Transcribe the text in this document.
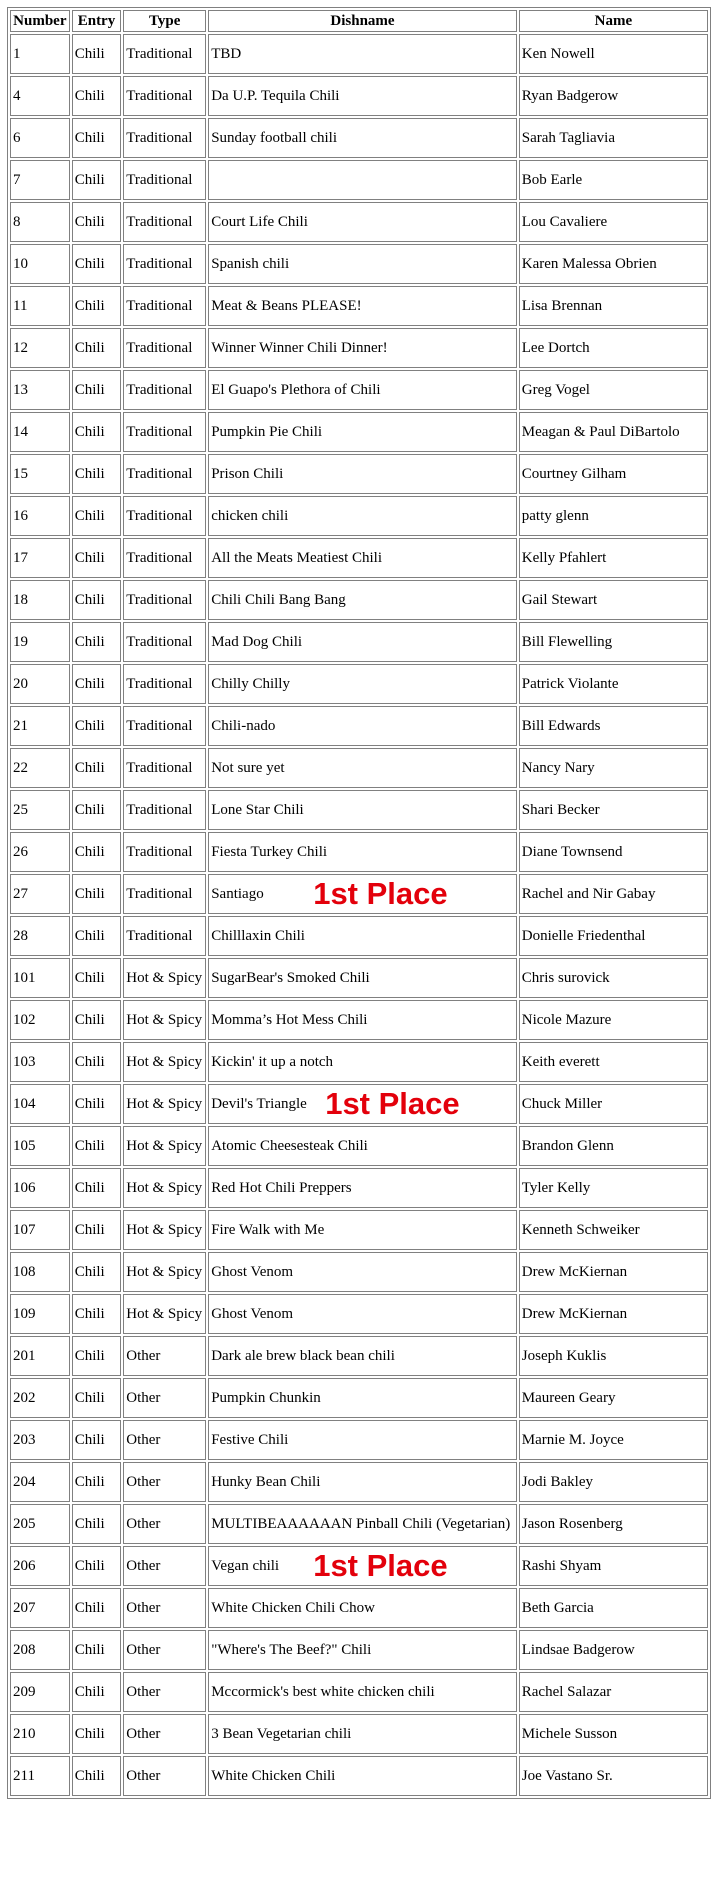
Number	Entry	Type	Dishname	Name
1	Chili	Traditional	TBD	Ken Nowell
4	Chili	Traditional	Da U.P. Tequila Chili	Ryan Badgerow
6	Chili	Traditional	Sunday football chili	Sarah Tagliavia
7	Chili	Traditional		Bob Earle
8	Chili	Traditional	Court Life Chili	Lou Cavaliere
10	Chili	Traditional	Spanish chili	Karen Malessa Obrien
11	Chili	Traditional	Meat & Beans PLEASE!	Lisa Brennan
12	Chili	Traditional	Winner Winner Chili Dinner!	Lee Dortch
13	Chili	Traditional	El Guapo's Plethora of Chili	Greg Vogel
14	Chili	Traditional	Pumpkin Pie Chili	Meagan & Paul DiBartolo
15	Chili	Traditional	Prison Chili	Courtney Gilham
16	Chili	Traditional	chicken chili	patty glenn
17	Chili	Traditional	All the Meats Meatiest Chili	Kelly Pfahlert
18	Chili	Traditional	Chili Chili Bang Bang	Gail Stewart
19	Chili	Traditional	Mad Dog Chili	Bill Flewelling
20	Chili	Traditional	Chilly Chilly	Patrick Violante
21	Chili	Traditional	Chili-nado	Bill Edwards
22	Chili	Traditional	Not sure yet	Nancy Nary
25	Chili	Traditional	Lone Star Chili	Shari Becker
26	Chili	Traditional	Fiesta Turkey Chili	Diane Townsend
27	Chili	Traditional	Santiago 1st Place	Rachel and Nir Gabay
28	Chili	Traditional	Chilllaxin Chili	Donielle Friedenthal
101	Chili	Hot & Spicy	SugarBear's Smoked Chili	Chris surovick
102	Chili	Hot & Spicy	Momma’s Hot Mess Chili	Nicole Mazure
103	Chili	Hot & Spicy	Kickin' it up a notch	Keith everett
104	Chili	Hot & Spicy	Devil's Triangle 1st Place	Chuck Miller
105	Chili	Hot & Spicy	Atomic Cheesesteak Chili	Brandon Glenn
106	Chili	Hot & Spicy	Red Hot Chili Preppers	Tyler Kelly
107	Chili	Hot & Spicy	Fire Walk with Me	Kenneth Schweiker
108	Chili	Hot & Spicy	Ghost Venom	Drew McKiernan
109	Chili	Hot & Spicy	Ghost Venom	Drew McKiernan
201	Chili	Other	Dark ale brew black bean chili	Joseph Kuklis
202	Chili	Other	Pumpkin Chunkin	Maureen Geary
203	Chili	Other	Festive Chili	Marnie M. Joyce
204	Chili	Other	Hunky Bean Chili	Jodi Bakley
205	Chili	Other	MULTIBEAAAAAAN Pinball Chili (Vegetarian)	Jason Rosenberg
206	Chili	Other	Vegan chili 1st Place	Rashi Shyam
207	Chili	Other	White Chicken Chili Chow	Beth Garcia
208	Chili	Other	"Where's The Beef?" Chili	Lindsae Badgerow
209	Chili	Other	Mccormick's best white chicken chili	Rachel Salazar
210	Chili	Other	3 Bean Vegetarian chili	Michele Susson
211	Chili	Other	White Chicken Chili	Joe Vastano Sr.
